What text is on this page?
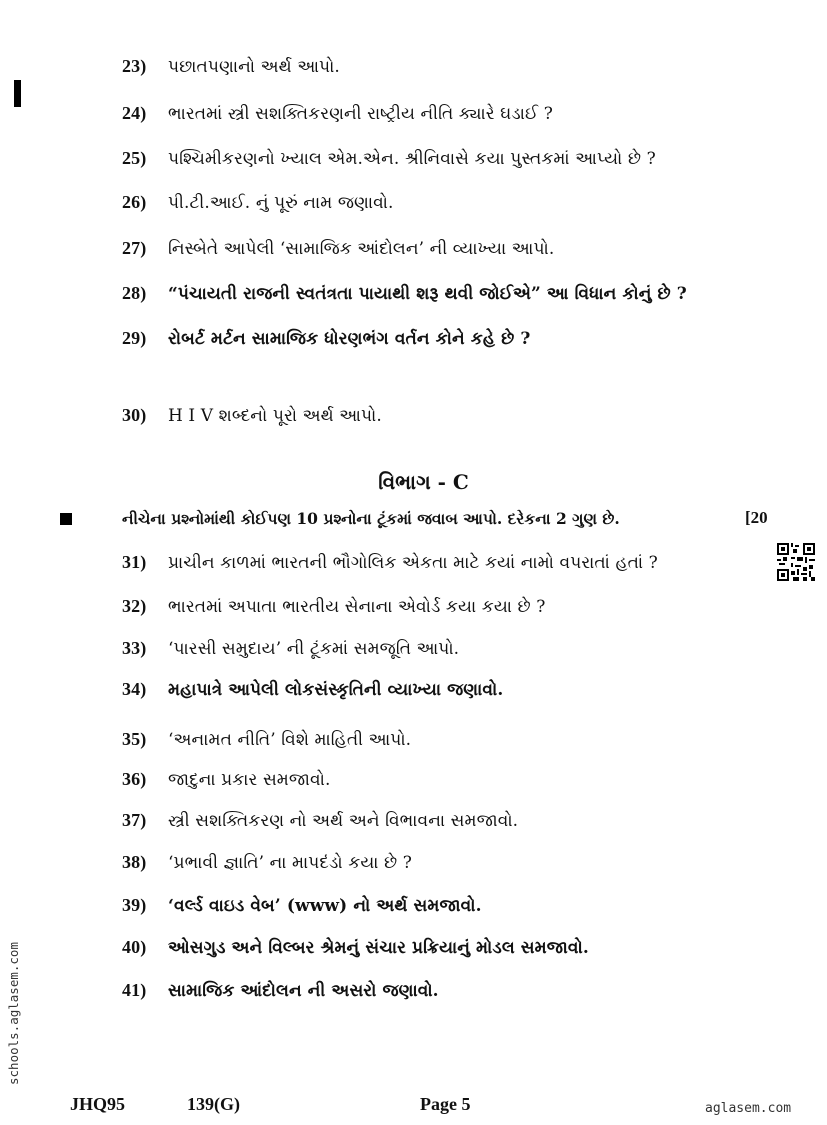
23) પછાતપણાનો અર્થ આપો.
24) ભારતમાં સ્ત્રી સશક્તિકરણની રાષ્ટ્રીય નીતિ ક્યારે ઘડાઈ ?
25) પશ્ચિમીકરણનો ખ્યાલ એમ.એન. શ્રીનિવાસે કયા પુસ્તકમાં આપ્યો છે ?
26) પી.ટી.આઈ. નું પૂરું નામ જણાવો.
27) નિસ્બેતે આપેલી ‘સામાજિક આંદોલન’ ની વ્યાખ્યા આપો.
28) “પંચાયતી રાજની સ્વતંત્રતા પાયાથી શરૂ થવી જોઈએ” આ વિધાન કોનું છે ?
29) રોબર્ટ મર્ટન સામાજિક ધોરણભંગ વર્તન કોને કહે છે ?
30) H I V શબ્દનો પૂરો અર્થ આપો.
વિભાગ - C
નીચેના પ્રશ્નોમાંથી કોઈપણ 10 પ્રશ્નોના ટૂંકમાં જવાબ આપો. દરેકના 2 ગુણ છે.	[20
31) પ્રાચીન કાળમાં ભારતની ભૌગોલિક એકતા માટે કયાં નામો વપરાતાં હતાં ?
32) ભારતમાં અપાતા ભારતીય સેનાના એવોર્ડ કયા કયા છે ?
33) ‘પારસી સમુદાય’ ની ટૂંકમાં સમજૂતિ આપો.
34) મહાપાત્રે આપેલી લોકસંસ્કૃતિની વ્યાખ્યા જણાવો.
35) ‘અનામત નીતિ’ વિશે માહિતી આપો.
36) જાદુના પ્રકાર સમજાવો.
37) સ્ત્રી સશક્તિકરણ નો અર્થ અને વિભાવના સમજાવો.
38) ‘પ્રભાવી જ્ઞાતિ’ ના માપદંડો કયા છે ?
39) ‘વર્લ્ડ વાઇડ વેબ’ (www) નો અર્થ સમજાવો.
40) ઓસગુડ અને વિલ્બર શ્રેમનું સંચાર પ્રક્રિયાનું મોડલ સમજાવો.
41) સામાજિક આંદોલન ની અસરો જણાવો.
schools.aglasem.com
JHQ95	139(G)	Page 5	aglasem.com
